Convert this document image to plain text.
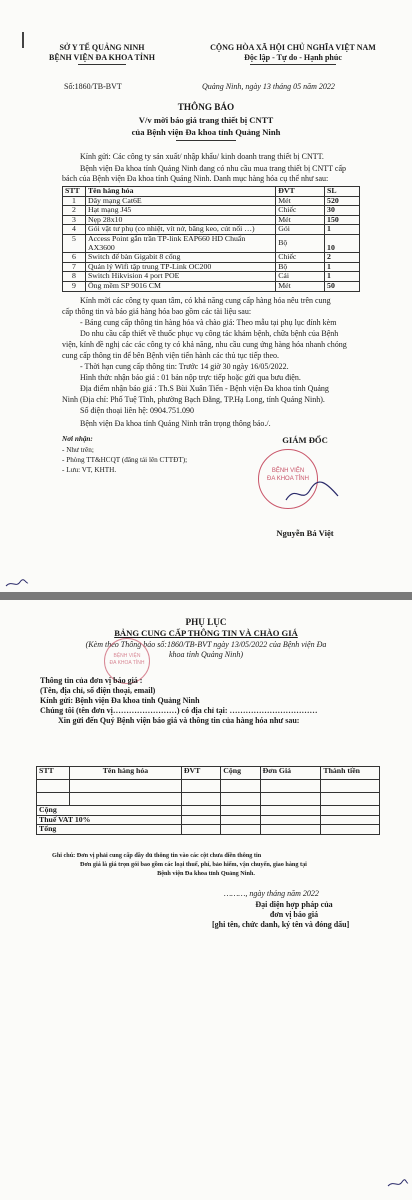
SỞ Y TẾ QUẢNG NINH
BỆNH VIỆN ĐA KHOA TỈNH
CỘNG HÒA XÃ HỘI CHỦ NGHĨA VIỆT NAM
Độc lập - Tự do - Hạnh phúc
Số:1860/TB-BVT	Quảng Ninh, ngày 13 tháng 05 năm 2022
THÔNG BÁO
V/v mời báo giá trang thiết bị CNTT
của Bệnh viện Đa khoa tỉnh Quảng Ninh
Kính gửi: Các công ty sản xuất/ nhập khẩu/ kinh doanh trang thiết bị CNTT.
Bệnh viện Đa khoa tỉnh Quảng Ninh đang có nhu cầu mua trang thiết bị CNTT cấp
bách của Bệnh viện Đa khoa tỉnh Quảng Ninh. Danh mục hàng hóa cụ thể như sau:
STT	Tên hàng hóa	ĐVT	SL
1	Dây mạng Cat6E	Mét	520
2	Hạt mạng J45	Chiếc	30
3	Nẹp 28x10	Mét	150
4	Gói vật tư phụ (co nhiệt, vít nở, băng keo, cút nối …)	Gói	1
5	Access Point gắn trần TP-link EAP660 HD Chuẩn
AX3600	Bộ	10
6	Switch để bàn Gigabit 8 cổng	Chiếc	2
7	Quản lý Wifi tập trung TP-Link OC200	Bộ	1
8	Switch Hikvision 4 port POE	Cái	1
9	Ống mềm SP 9016 CM	Mét	50
Kính mời các công ty quan tâm, có khả năng cung cấp hàng hóa nêu trên cung
cấp thông tin và báo giá hàng hóa bao gồm các tài liệu sau:
- Bảng cung cấp thông tin hàng hóa và chào giá: Theo mẫu tại phụ lục đính kèm
Do nhu cầu cấp thiết về thuốc phục vụ công tác khám bệnh, chữa bệnh của Bệnh
viện, kính đề nghị các các công ty có khả năng, nhu cầu cung ứng hàng hóa nhanh chóng
cung cấp thông tin để bên Bệnh viện tiến hành các thủ tục tiếp theo.
- Thời hạn cung cấp thông tin: Trước 14 giờ 30 ngày 16/05/2022.
Hình thức nhận báo giá : 01 bản nộp trực tiếp hoặc gửi qua bưu điện.
Địa điểm nhận báo giá : Th.S Bùi Xuân Tiến - Bệnh viện Đa khoa tỉnh Quảng
Ninh (Địa chỉ: Phố Tuệ Tĩnh, phường Bạch Đằng, TP.Hạ Long, tỉnh Quảng Ninh).
Số điện thoại liên hệ: 0904.751.090
Bệnh viện Đa khoa tỉnh Quảng Ninh trân trọng thông báo./.
Nơi nhận:
- Như trên;
- Phòng TT&HCQT (đăng tải lên CTTĐT);
- Lưu: VT, KHTH.
GIÁM ĐỐC
BỆNH VIỆN
ĐA KHOA TỈNH
Nguyễn Bá Việt
PHỤ LỤC
BẢNG CUNG CẤP THÔNG TIN VÀ CHÀO GIÁ
(Kèm theo Thông báo số:1860/TB-BVT ngày 13/05/2022 của Bệnh viện Đa
khoa tỉnh Quảng Ninh)
BỆNH VIỆN
ĐA KHOA TỈNH
Thông tin của đơn vị báo giá :
(Tên, địa chỉ, số điện thoại, email)
Kính gửi: Bệnh viện Đa khoa tỉnh Quảng Ninh
Chúng tôi (tên đơn vị……………………) có địa chỉ tại: ……………………………
Xin gửi đến Quý Bệnh viện báo giá và thông tin của hàng hóa như sau:
STT	Tên hàng hóa	ĐVT	Cộng	Đơn Giá	Thành tiền

Cộng					
Thuế VAT 10%					
Tổng					
Ghi chú: Đơn vị phải cung cấp đầy đủ thông tin vào các cột chưa điền thông tin
Đơn giá là giá trọn gói bao gồm các loại thuế, phí, bảo hiểm, vận chuyển, giao hàng tại
Bệnh viện Đa khoa tỉnh Quảng Ninh.
………, ngày tháng năm 2022
Đại diện hợp pháp của
đơn vị báo giá
[ghi tên, chức danh, ký tên và đóng dấu]
